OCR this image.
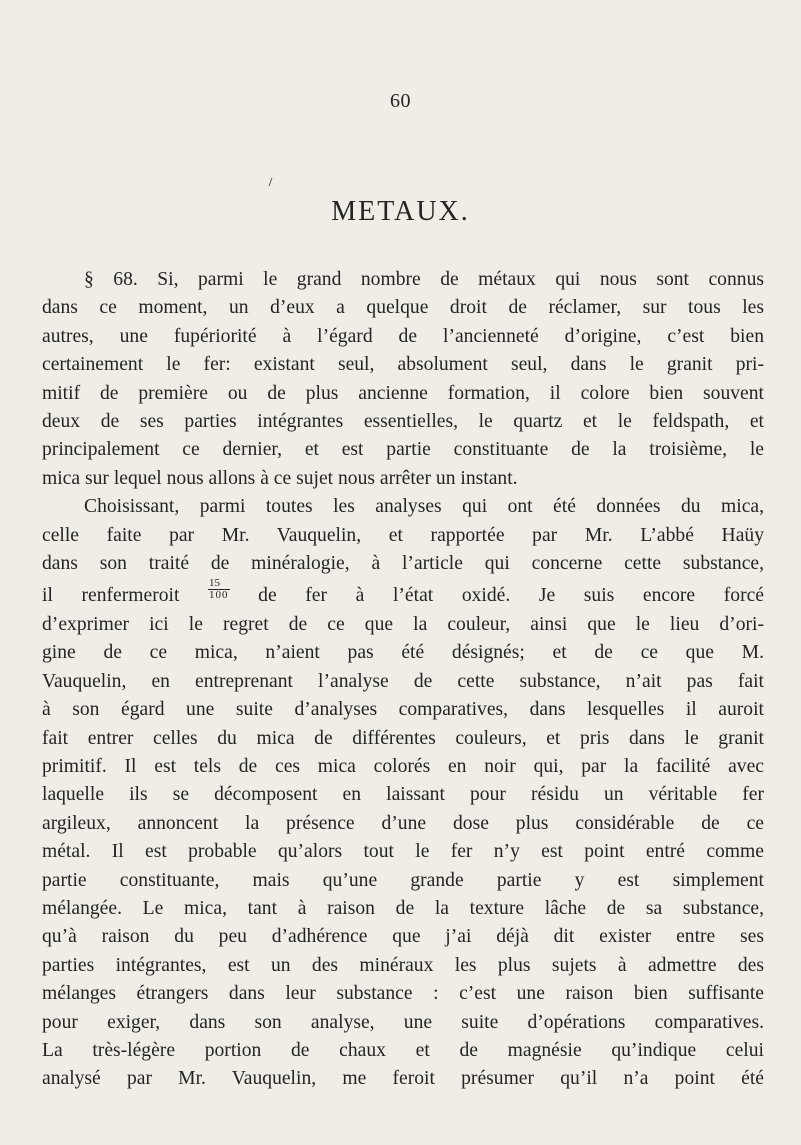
60
METAUX.

§ 68. Si, parmi le grand nombre de métaux qui nous sont connus
dans ce moment, un d’eux a quelque droit de réclamer, sur tous les
autres, une fupériorité à l’égard de l’ancienneté d’origine, c’est bien
certainement le fer: existant seul, absolument seul, dans le granit pri-
mitif de première ou de plus ancienne formation, il colore bien souvent
deux de ses parties intégrantes essentielles, le quartz et le feldspath, et
principalement ce dernier, et est partie constituante de la troisième, le
mica sur lequel nous allons à ce sujet nous arrêter un instant.

Choisissant, parmi toutes les analyses qui ont été données du mica,
celle faite par Mr. Vauquelin, et rapportée par Mr. L’abbé Haüy
dans son traité de minéralogie, à l’article qui concerne cette substance,
il renfermeroit	$\frac{15}{100}$ de fer à l’état oxidé. Je suis encore forcé
d’exprimer ici le regret de ce que la couleur, ainsi que le lieu d’ori-
gine de ce mica, n’aient pas été désignés; et de ce que M.
Vauquelin, en entreprenant l’analyse de cette substance, n’ait pas fait
à son égard une suite d’analyses comparatives, dans lesquelles il auroit
fait entrer celles du mica de différentes couleurs, et pris dans le granit
primitif. Il est tels de ces mica colorés en noir qui, par la facilité avec
laquelle ils se décomposent en laissant pour résidu un véritable fer
argileux, annoncent la présence d’une dose plus considérable de ce
métal. Il est probable qu’alors tout le fer n’y est point entré comme
partie constituante, mais qu’une grande partie y est simplement
mélangée. Le mica, tant à raison de la texture lâche de sa substance,
qu’à raison du peu d’adhérence que j’ai déjà dit exister entre ses
parties intégrantes, est un des minéraux les plus sujets à admettre des
mélanges étrangers dans leur substance : c’est une raison bien suffisante
pour exiger, dans son analyse, une suite d’opérations comparatives.
La très-légère portion de chaux et de magnésie qu’indique celui
analysé par Mr. Vauquelin, me feroit présumer qu’il n’a point été
